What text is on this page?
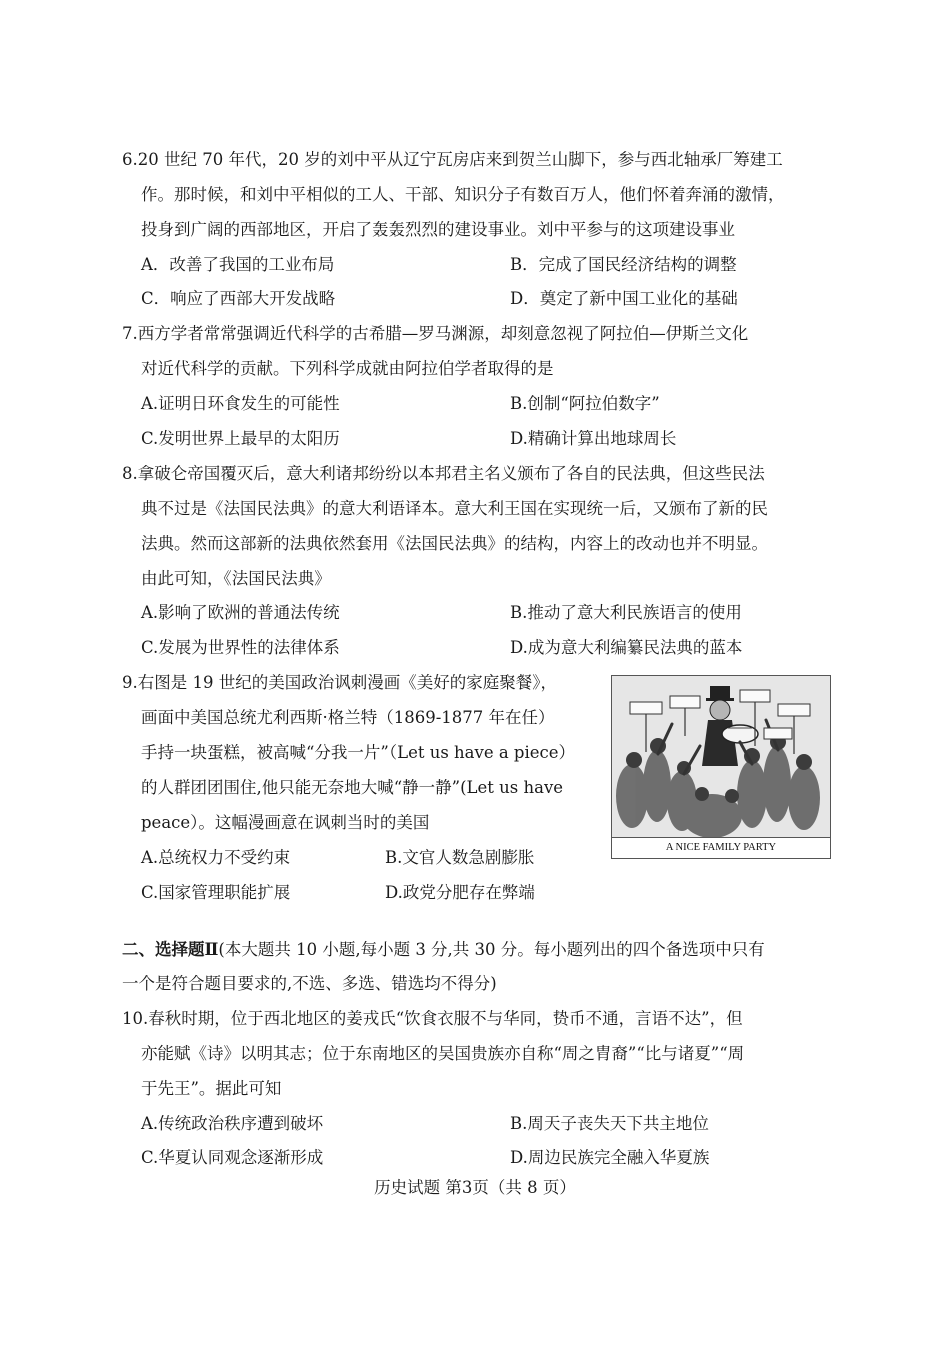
6.20 世纪 70 年代，20 岁的刘中平从辽宁瓦房店来到贺兰山脚下，参与西北轴承厂筹建工
作。那时候，和刘中平相似的工人、干部、知识分子有数百万人，他们怀着奔涌的激情，
投身到广阔的西部地区，开启了轰轰烈烈的建设事业。刘中平参与的这项建设事业
A．改善了我国的工业布局	B．完成了国民经济结构的调整
C．响应了西部大开发战略	D．奠定了新中国工业化的基础
7.西方学者常常强调近代科学的古希腊—罗马渊源，却刻意忽视了阿拉伯—伊斯兰文化
对近代科学的贡献。下列科学成就由阿拉伯学者取得的是
A.证明日环食发生的可能性	B.创制“阿拉伯数字”
C.发明世界上最早的太阳历	D.精确计算出地球周长
8.拿破仑帝国覆灭后，意大利诸邦纷纷以本邦君主名义颁布了各自的民法典，但这些民法
典不过是《法国民法典》的意大利语译本。意大利王国在实现统一后，又颁布了新的民
法典。然而这部新的法典依然套用《法国民法典》的结构，内容上的改动也并不明显。
由此可知，《法国民法典》
A.影响了欧洲的普通法传统	B.推动了意大利民族语言的使用
C.发展为世界性的法律体系	D.成为意大利编纂民法典的蓝本
9.右图是 19 世纪的美国政治讽刺漫画《美好的家庭聚餐》，
画面中美国总统尤利西斯·格兰特（1869-1877 年在任）
手持一块蛋糕，被高喊“分我一片”（Let us have a piece）
的人群团团围住,他只能无奈地大喊“静一静”(Let us have
peace）。这幅漫画意在讽刺当时的美国
A.总统权力不受约束	B.文官人数急剧膨胀
C.国家管理职能扩展	D.政党分肥存在弊端
A NICE FAMILY PARTY
二、选择题Ⅱ(本大题共 10 小题,每小题 3 分,共 30 分。每小题列出的四个备选项中只有
一个是符合题目要求的,不选、多选、错选均不得分)
10.春秋时期，位于西北地区的姜戎氏“饮食衣服不与华同，贽币不通，言语不达”，但
亦能赋《诗》以明其志；位于东南地区的吴国贵族亦自称“周之胄裔”“比与诸夏”“周
于先王”。据此可知
A.传统政治秩序遭到破坏	B.周天子丧失天下共主地位
C.华夏认同观念逐渐形成	D.周边民族完全融入华夏族
历史试题 第3页（共 8 页）
